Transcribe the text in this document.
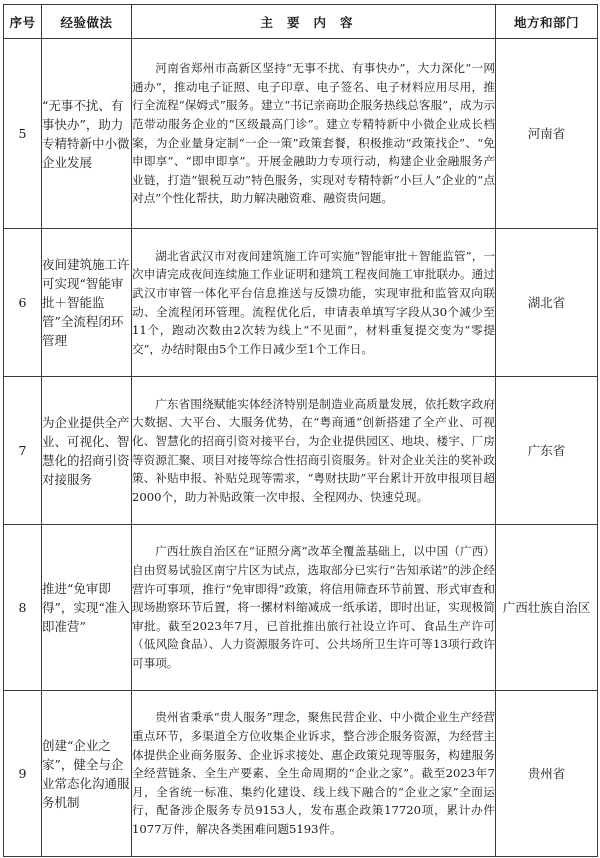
序号	经验做法	主要内容	地方和部门
5	“无事不扰、有事快办”，助力专精特新中小微企业发展	河南省郑州市高新区坚持“无事不扰、有事快办”，大力深化“一网通办”，推动电子证照、电子印章、电子签名、电子材料应用尽用，推行全流程“保姆式”服务。建立“书记亲商助企服务热线总客服”，成为示范带动服务企业的“区级最高门诊”。建立专精特新中小微企业成长档案，为企业量身定制“一企一策”政策套餐，积极推动“政策找企”、“免申即享”、“即申即享”。开展金融助力专项行动，构建企业金融服务产业链，打造“银税互动”特色服务，实现对专精特新“小巨人”企业的“点对点”个性化帮扶，助力解决融资难、融资贵问题。	河南省
6	夜间建筑施工许可实现“智能审批＋智能监管”全流程闭环管理	湖北省武汉市对夜间建筑施工许可实施“智能审批＋智能监管”，一次申请完成夜间连续施工作业证明和建筑工程夜间施工审批联办。通过武汉市审管一体化平台信息推送与反馈功能，实现审批和监管双向联动、全流程闭环管理。流程优化后，申请表单填写字段从30个减少至11个，跑动次数由2次转为线上“不见面”，材料重复提交变为“零提交”，办结时限由5个工作日减少至1个工作日。	湖北省
7	为企业提供全产业、可视化、智慧化的招商引资对接服务	广东省围绕赋能实体经济特别是制造业高质量发展，依托数字政府大数据、大平台、大服务优势，在“粤商通”创新搭建了全产业、可视化、智慧化的招商引资对接平台，为企业提供园区、地块、楼宇、厂房等资源汇聚、项目对接等综合性招商引资服务。针对企业关注的奖补政策、补贴申报、补贴兑现等需求，“粤财扶助”平台累计开放申报项目超2000个，助力补贴政策一次申报、全程网办、快速兑现。	广东省
8	推进“免审即得”，实现“准入即准营”	广西壮族自治区在“证照分离”改革全覆盖基础上，以中国（广西）自由贸易试验区南宁片区为试点，选取部分已实行“告知承诺”的涉企经营许可事项，推行“免审即得”政策，将信用筛查环节前置、形式审查和现场勘察环节后置，将一摞材料缩减成一纸承诺，即时出证，实现极简审批。截至2023年7月，已首批推出旅行社设立许可、食品生产许可（低风险食品）、人力资源服务许可、公共场所卫生许可等13项行政许可事项。	广西壮族自治区
9	创建“企业之家”，健全与企业常态化沟通服务机制	贵州省秉承“贵人服务”理念，聚焦民营企业、中小微企业生产经营重点环节，多渠道全方位收集企业诉求，整合涉企服务资源，为经营主体提供企业商务服务、企业诉求接处、惠企政策兑现等服务，构建服务全经营链条、全生产要素、全生命周期的“企业之家”。截至2023年7月，全省统一标准、集约化建设、线上线下融合的“企业之家”全面运行，配备涉企服务专员9153人，发布惠企政策17720项，累计办件1077万件，解决各类困难问题5193件。	贵州省
